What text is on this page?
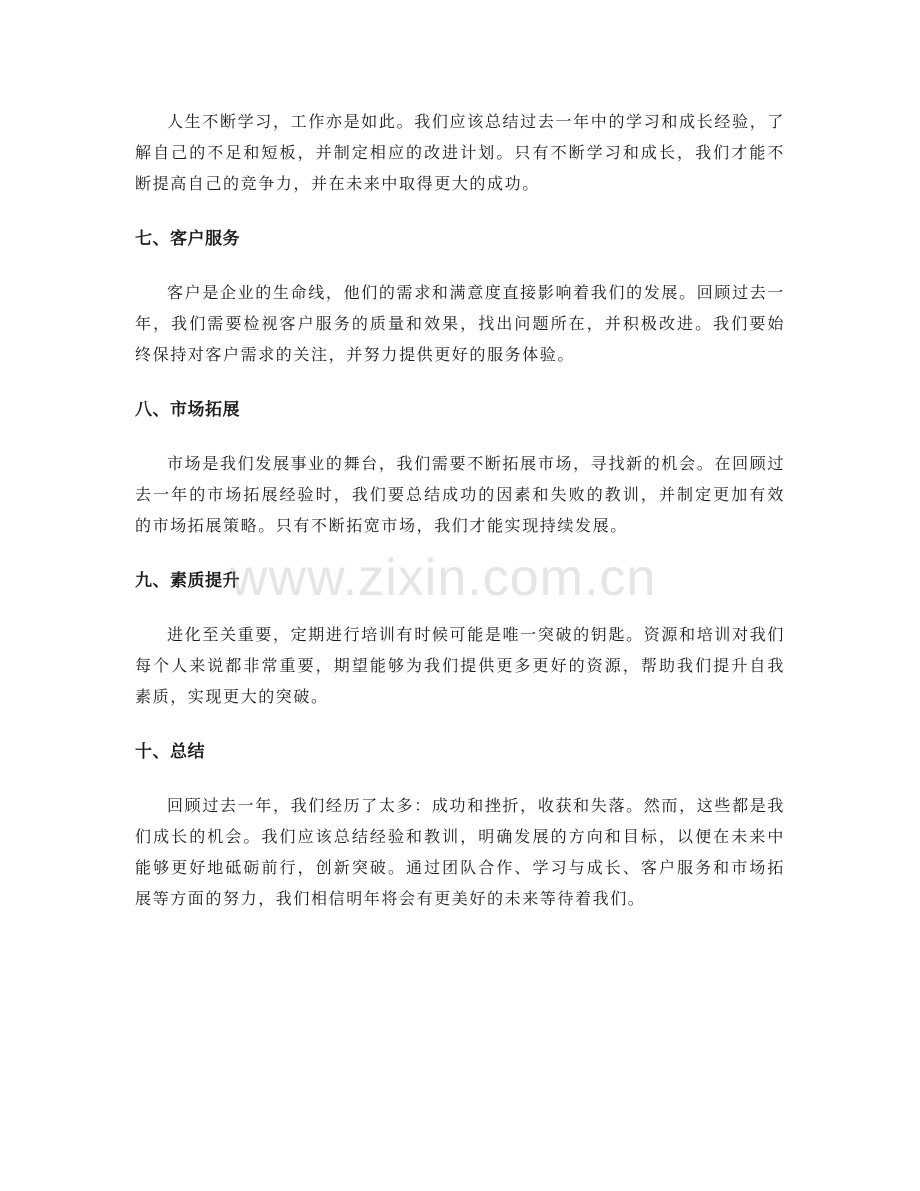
人生不断学习，工作亦是如此。我们应该总结过去一年中的学习和成长经验，了解自己的不足和短板，并制定相应的改进计划。只有不断学习和成长，我们才能不断提高自己的竞争力，并在未来中取得更大的成功。

七、客户服务

客户是企业的生命线，他们的需求和满意度直接影响着我们的发展。回顾过去一年，我们需要检视客户服务的质量和效果，找出问题所在，并积极改进。我们要始终保持对客户需求的关注，并努力提供更好的服务体验。

八、市场拓展

市场是我们发展事业的舞台，我们需要不断拓展市场，寻找新的机会。在回顾过去一年的市场拓展经验时，我们要总结成功的因素和失败的教训，并制定更加有效的市场拓展策略。只有不断拓宽市场，我们才能实现持续发展。

九、素质提升

进化至关重要，定期进行培训有时候可能是唯一突破的钥匙。资源和培训对我们每个人来说都非常重要，期望能够为我们提供更多更好的资源，帮助我们提升自我素质，实现更大的突破。

十、总结

回顾过去一年，我们经历了太多：成功和挫折，收获和失落。然而，这些都是我们成长的机会。我们应该总结经验和教训，明确发展的方向和目标，以便在未来中能够更好地砥砺前行，创新突破。通过团队合作、学习与成长、客户服务和市场拓展等方面的努力，我们相信明年将会有更美好的未来等待着我们。

www.zixin.com.cn
